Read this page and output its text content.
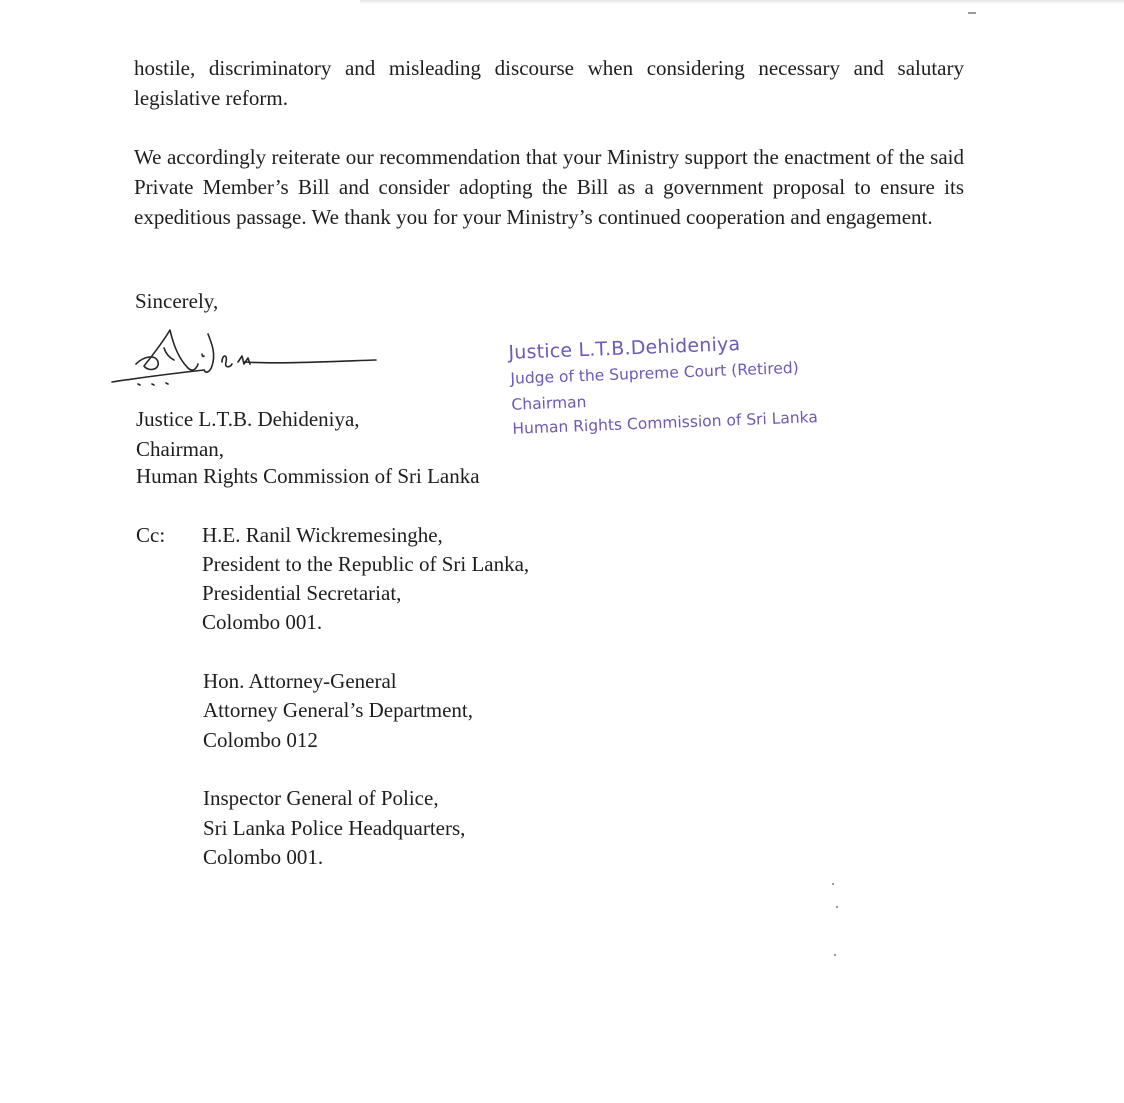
hostile, discriminatory and misleading discourse when considering necessary and salutary legislative reform.

We accordingly reiterate our recommendation that your Ministry support the enactment of the said Private Member’s Bill and consider adopting the Bill as a government proposal to ensure its expeditious passage. We thank you for your Ministry’s continued cooperation and engagement.

Sincerely,
Justice L.T.B. Dehideniya,
Chairman,
Human Rights Commission of Sri Lanka
Justice L.T.B.Dehideniya
Judge of the Supreme Court (Retired)
Chairman
Human Rights Commission of Sri Lanka
Cc: H.E. Ranil Wickremesinghe,
President to the Republic of Sri Lanka,
Presidential Secretariat,
Colombo 001.
Hon. Attorney-General
Attorney General’s Department,
Colombo 012
Inspector General of Police,
Sri Lanka Police Headquarters,
Colombo 001.
